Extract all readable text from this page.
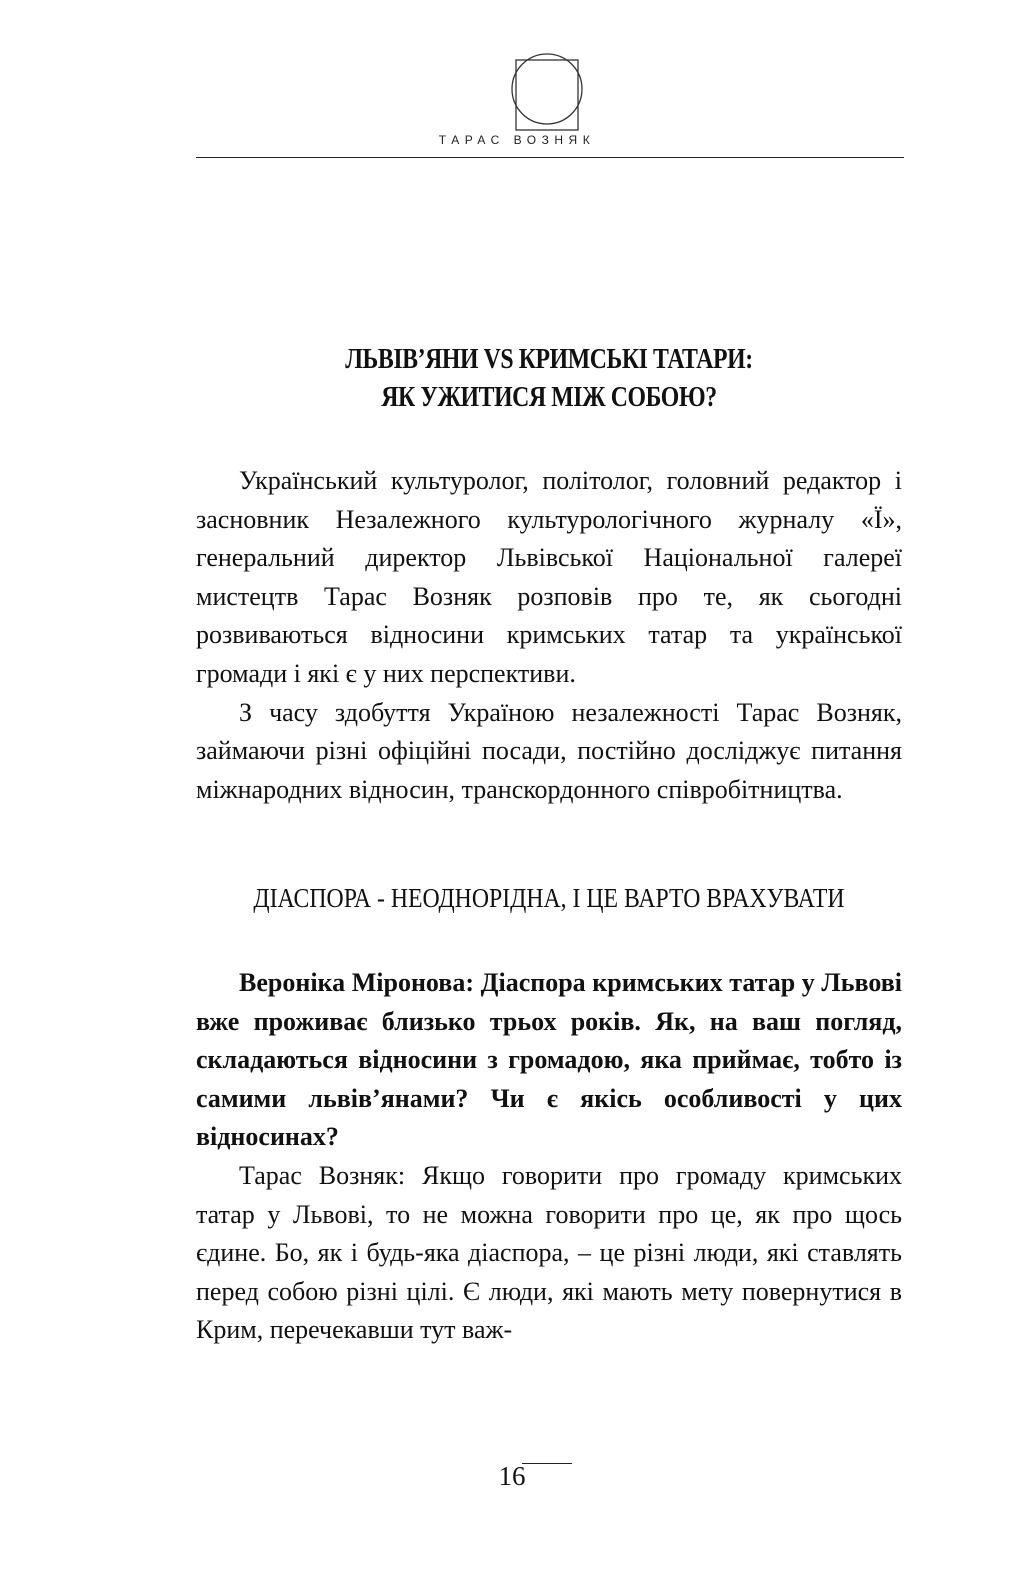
ТАРАС ВОЗНЯК
ЛЬВІВ’ЯНИ VS КРИМСЬКІ ТАТАРИ:
ЯК УЖИТИСЯ МІЖ СОБОЮ?

Український культуролог, політолог, головний редактор і засновник Незалежного культурологічного журналу «Ї», генеральний директор Львівської Національної галереї мистецтв Тарас Возняк розповів про те, як сьогодні розвиваються відносини кримських татар та української громади і які є у них перспективи.

З часу здобуття Україною незалежності Тарас Возняк, займаючи різні офіційні посади, постійно досліджує питання міжнародних відносин, транскордонного співробітництва.

ДІАСПОРА - НЕОДНОРІДНА, І ЦЕ ВАРТО ВРАХУВАТИ

Вероніка Міронова: Діаспора кримських татар у Львові вже проживає близько трьох років. Як, на ваш погляд, складаються відносини з громадою, яка приймає, тобто із самими львів’янами? Чи є якісь особливості у цих відносинах?

Тарас Возняк: Якщо говорити про громаду кримських татар у Львові, то не можна говорити про це, як про щось єдине. Бо, як і будь-яка діаспора, – це різні люди, які ставлять перед собою різні цілі. Є люди, які мають мету повернутися в Крим, перечекавши тут важ-

16
